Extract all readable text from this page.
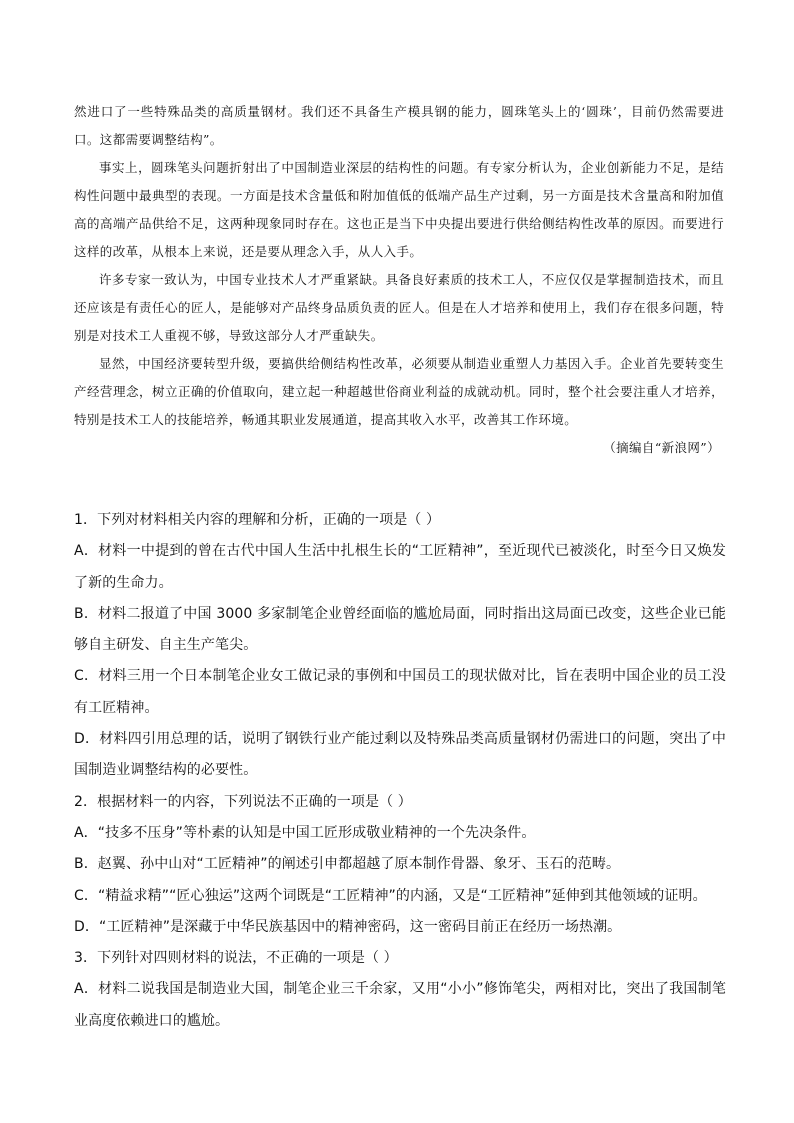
然进口了一些特殊品类的高质量钢材。我们还不具备生产模具钢的能力，圆珠笔头上的‘圆珠’，目前仍然需要进口。这都需要调整结构”。

事实上，圆珠笔头问题折射出了中国制造业深层的结构性的问题。有专家分析认为，企业创新能力不足，是结构性问题中最典型的表现。一方面是技术含量低和附加值低的低端产品生产过剩，另一方面是技术含量高和附加值高的高端产品供给不足，这两种现象同时存在。这也正是当下中央提出要进行供给侧结构性改革的原因。而要进行这样的改革，从根本上来说，还是要从理念入手，从人入手。

许多专家一致认为，中国专业技术人才严重紧缺。具备良好素质的技术工人，不应仅仅是掌握制造技术，而且还应该是有责任心的匠人，是能够对产品终身品质负责的匠人。但是在人才培养和使用上，我们存在很多问题，特别是对技术工人重视不够，导致这部分人才严重缺失。

显然，中国经济要转型升级，要搞供给侧结构性改革，必须要从制造业重塑人力基因入手。企业首先要转变生产经营理念，树立正确的价值取向，建立起一种超越世俗商业利益的成就动机。同时，整个社会要注重人才培养，特别是技术工人的技能培养，畅通其职业发展通道，提高其收入水平，改善其工作环境。

（摘编自“新浪网”）

1．下列对材料相关内容的理解和分析，正确的一项是（ ）

A．材料一中提到的曾在古代中国人生活中扎根生长的“工匠精神”，至近现代已被淡化，时至今日又焕发了新的生命力。

B．材料二报道了中国 3000 多家制笔企业曾经面临的尴尬局面，同时指出这局面已改变，这些企业已能够自主研发、自主生产笔尖。

C．材料三用一个日本制笔企业女工做记录的事例和中国员工的现状做对比，旨在表明中国企业的员工没有工匠精神。

D．材料四引用总理的话，说明了钢铁行业产能过剩以及特殊品类高质量钢材仍需进口的问题，突出了中国制造业调整结构的必要性。

2．根据材料一的内容，下列说法不正确的一项是（ ）

A．“技多不压身”等朴素的认知是中国工匠形成敬业精神的一个先决条件。

B．赵翼、孙中山对“工匠精神”的阐述引申都超越了原本制作骨器、象牙、玉石的范畴。

C．“精益求精”“匠心独运”这两个词既是“工匠精神”的内涵，又是“工匠精神”延伸到其他领域的证明。

D．“工匠精神”是深藏于中华民族基因中的精神密码，这一密码目前正在经历一场热潮。

3．下列针对四则材料的说法，不正确的一项是（ ）

A．材料二说我国是制造业大国，制笔企业三千余家，又用“小小”修饰笔尖，两相对比，突出了我国制笔业高度依赖进口的尴尬。
